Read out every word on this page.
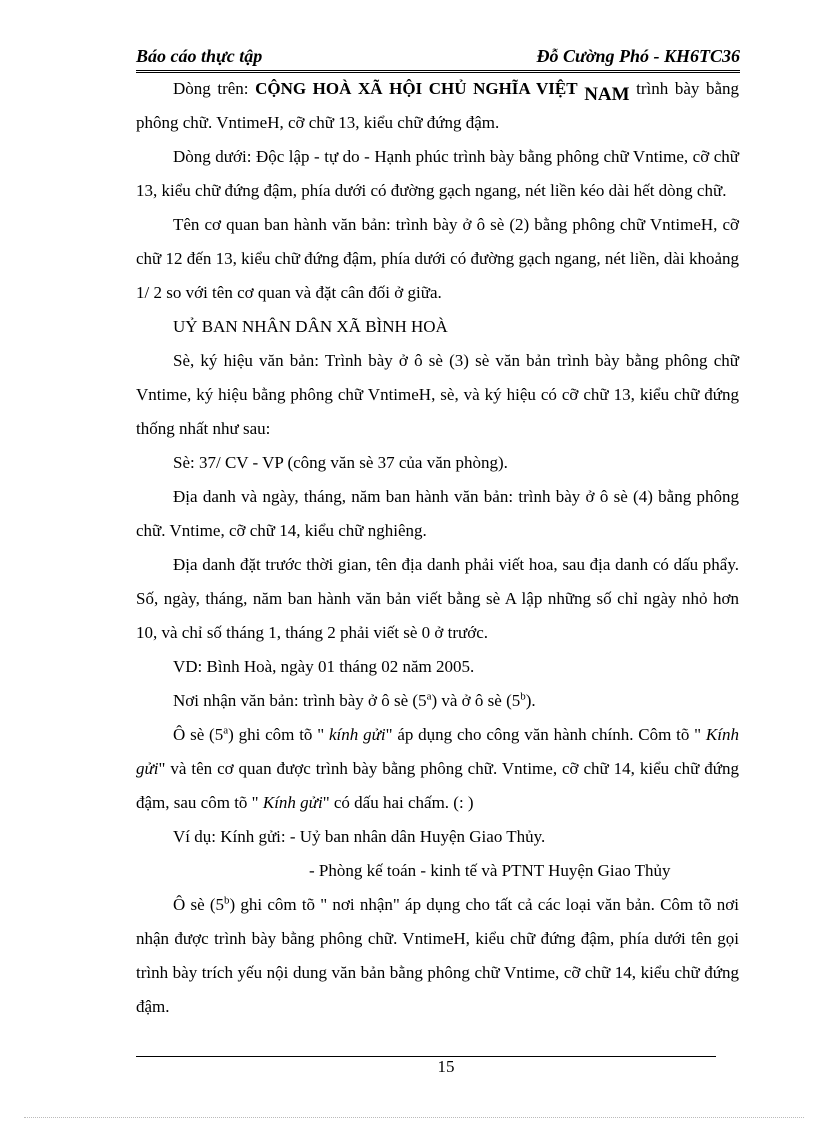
Báo cáo thực tập	Đỗ Cường Phó - KH6TC36

Dòng trên: CỘNG HOÀ XÃ HỘI CHỦ NGHĨA VIỆT NAM trình bày bằng phông chữ. VntimeH, cỡ chữ 13, kiểu chữ đứng đậm.

Dòng dưới: Độc lập - tự do - Hạnh phúc trình bày bằng phông chữ Vntime, cỡ chữ 13, kiểu chữ đứng đậm, phía dưới có đường gạch ngang, nét liền kéo dài hết dòng chữ.

Tên cơ quan ban hành văn bản: trình bày ở ô sè (2) bằng phông chữ VntimeH, cỡ chữ 12 đến 13, kiểu chữ đứng đậm, phía dưới có đường gạch ngang, nét liền, dài khoảng 1/ 2 so với tên cơ quan và đặt cân đối ở giữa.

UỶ BAN NHÂN DÂN XÃ BÌNH HOÀ

Sè, ký hiệu văn bản: Trình bày ở ô sè (3) sè văn bản trình bày bằng phông chữ Vntime, ký hiệu bằng phông chữ VntimeH, sè, và ký hiệu có cỡ chữ 13, kiểu chữ đứng thống nhất như sau:

Sè: 37/ CV - VP (công văn sè 37 của văn phòng).

Địa danh và ngày, tháng, năm ban hành văn bản: trình bày ở ô sè (4) bằng phông chữ. Vntime, cỡ chữ 14, kiểu chữ nghiêng.

Địa danh đặt trước thời gian, tên địa danh phải viết hoa, sau địa danh có dấu phẩy. Số, ngày, tháng, năm ban hành văn bản viết bằng sè A lập những số chỉ ngày nhỏ hơn 10, và chỉ số tháng 1, tháng 2 phải viết sè 0 ở trước.

VD: Bình Hoà, ngày 01 tháng 02 năm 2005.

Nơi nhận văn bản: trình bày ở ô sè (5$^a$) và ở ô sè (5$^b$).

Ô sè (5$^a$) ghi côm tõ " kính gửi" áp dụng cho công văn hành chính. Côm tõ " Kính gửi" và tên cơ quan được trình bày bằng phông chữ. Vntime, cỡ chữ 14, kiểu chữ đứng đậm, sau côm tõ " Kính gửi" có dấu hai chấm. (: )

Ví dụ: Kính gửi: - Uỷ ban nhân dân Huyện Giao Thủy.

- Phòng kế toán - kinh tế và PTNT Huyện Giao Thủy

Ô sè (5$^b$) ghi côm tõ " nơi nhận" áp dụng cho tất cả các loại văn bản. Côm tõ nơi nhận được trình bày bằng phông chữ. VntimeH, kiểu chữ đứng đậm, phía dưới tên gọi trình bày trích yếu nội dung văn bản bằng phông chữ Vntime, cỡ chữ 14, kiểu chữ đứng đậm.

15
